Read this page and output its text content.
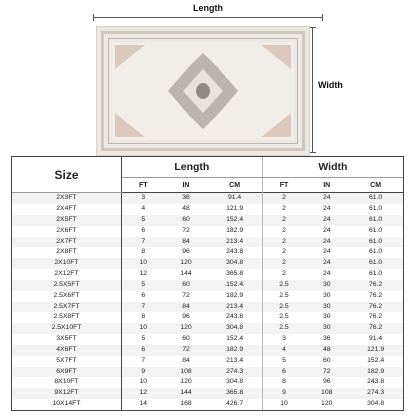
Length
Width
Size	Length			Width		
	FT	IN	CM	FT	IN	CM
2X3FT	3	36	91.4	2	24	61.0
2X4FT	4	48	121.9	2	24	61.0
2X5FT	5	60	152.4	2	24	61.0
2X6FT	6	72	182.9	2	24	61.0
2X7FT	7	84	213.4	2	24	61.0
2X8FT	8	96	243.8	2	24	61.0
2X10FT	10	120	304.8	2	24	61.0
2X12FT	12	144	365.8	2	24	61.0
2.5X5FT	5	60	152.4	2.5	30	76.2
2.5X6FT	6	72	182.9	2.5	30	76.2
2.5X7FT	7	84	213.4	2.5	30	76.2
2.5X8FT	8	96	243.8	2.5	30	76.2
2.5X10FT	10	120	304.8	2.5	30	76.2
3X5FT	5	60	152.4	3	36	91.4
4X6FT	6	72	182.9	4	48	121.9
5X7FT	7	84	213.4	5	60	152.4
6X9FT	9	108	274.3	6	72	182.9
8X10FT	10	120	304.8	8	96	243.8
9X12FT	12	144	365.8	9	108	274.3
10X14FT	14	168	426.7	10	120	304.8
